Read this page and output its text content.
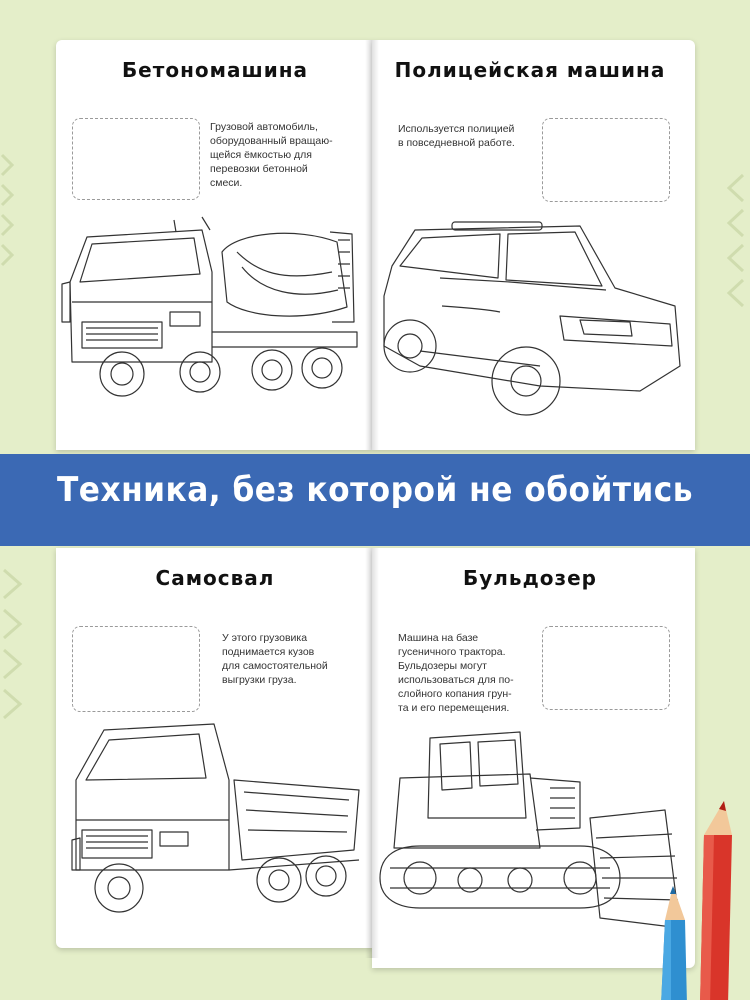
Бетономашина	Полицейская машина
Самосвал	Бульдозер
Грузовой автомобиль,
оборудованный вращаю-
щейся ёмкостью для
перевозки бетонной
смеси.
Используется полицией
в повседневной работе.
У этого грузовика
поднимается кузов
для самостоятельной
выгрузки груза.
Машина на базе
гусеничного трактора.
Бульдозеры могут
использоваться для по-
слойного копания грун-
та и его перемещения.
Техника, без которой не обойтись
